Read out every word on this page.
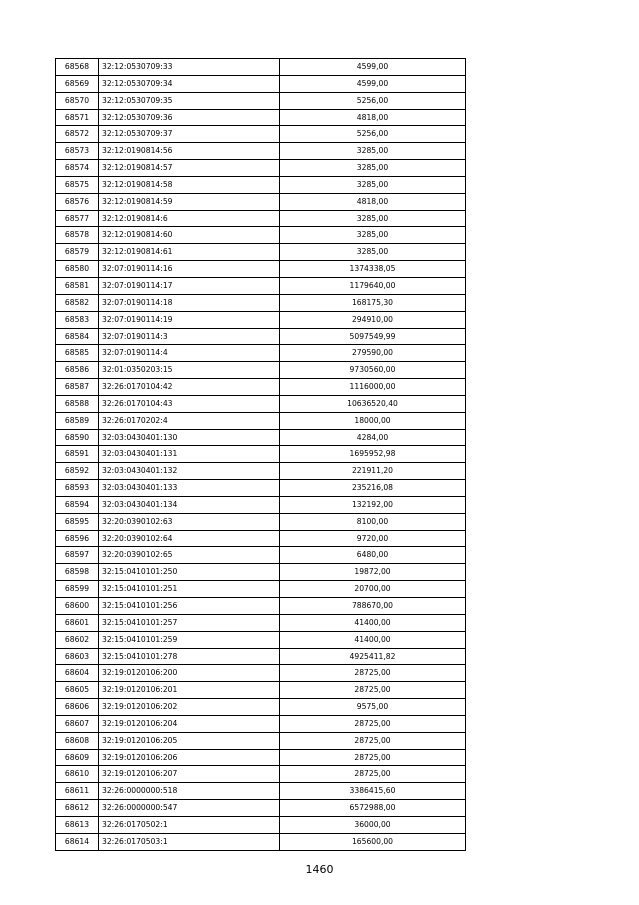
68568	32:12:0530709:33	4599,00
68569	32:12:0530709:34	4599,00
68570	32:12:0530709:35	5256,00
68571	32:12:0530709:36	4818,00
68572	32:12:0530709:37	5256,00
68573	32:12:0190814:56	3285,00
68574	32:12:0190814:57	3285,00
68575	32:12:0190814:58	3285,00
68576	32:12:0190814:59	4818,00
68577	32:12:0190814:6	3285,00
68578	32:12:0190814:60	3285,00
68579	32:12:0190814:61	3285,00
68580	32:07:0190114:16	1374338,05
68581	32:07:0190114:17	1179640,00
68582	32:07:0190114:18	168175,30
68583	32:07:0190114:19	294910,00
68584	32:07:0190114:3	5097549,99
68585	32:07:0190114:4	279590,00
68586	32:01:0350203:15	9730560,00
68587	32:26:0170104:42	1116000,00
68588	32:26:0170104:43	10636520,40
68589	32:26:0170202:4	18000,00
68590	32:03:0430401:130	4284,00
68591	32:03:0430401:131	1695952,98
68592	32:03:0430401:132	221911,20
68593	32:03:0430401:133	235216,08
68594	32:03:0430401:134	132192,00
68595	32:20:0390102:63	8100,00
68596	32:20:0390102:64	9720,00
68597	32:20:0390102:65	6480,00
68598	32:15:0410101:250	19872,00
68599	32:15:0410101:251	20700,00
68600	32:15:0410101:256	788670,00
68601	32:15:0410101:257	41400,00
68602	32:15:0410101:259	41400,00
68603	32:15:0410101:278	4925411,82
68604	32:19:0120106:200	28725,00
68605	32:19:0120106:201	28725,00
68606	32:19:0120106:202	9575,00
68607	32:19:0120106:204	28725,00
68608	32:19:0120106:205	28725,00
68609	32:19:0120106:206	28725,00
68610	32:19:0120106:207	28725,00
68611	32:26:0000000:518	3386415,60
68612	32:26:0000000:547	6572988,00
68613	32:26:0170502:1	36000,00
68614	32:26:0170503:1	165600,00
1460
